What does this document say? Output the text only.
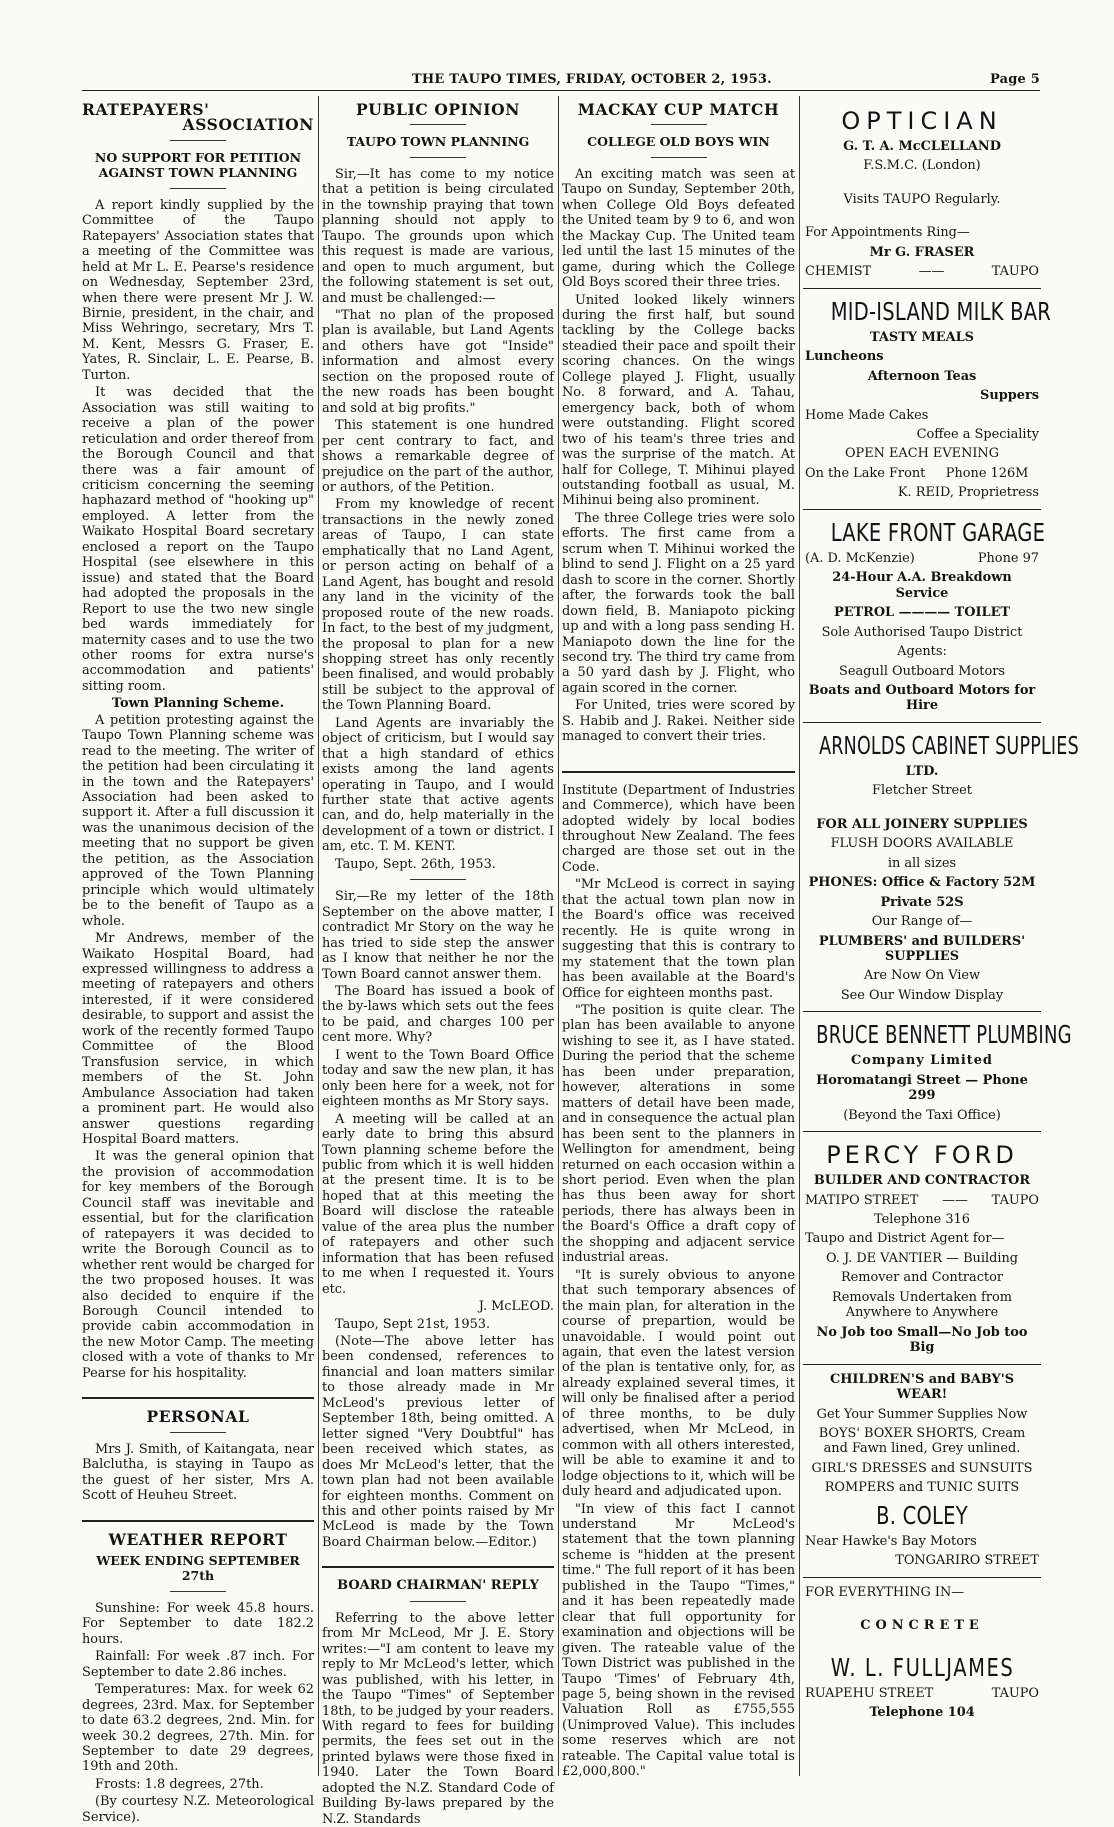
THE TAUPO TIMES, FRIDAY, OCTOBER 2, 1953.	Page 5
RATEPAYERS'
ASSOCIATION
NO SUPPORT FOR PETITION AGAINST TOWN PLANNING

A report kindly supplied by the Committee of the Taupo Ratepayers' Association states that a meeting of the Committee was held at Mr L. E. Pearse's residence on Wednesday, September 23rd, when there were present Mr J. W. Birnie, president, in the chair, and Miss Wehringo, secretary, Mrs T. M. Kent, Messrs G. Fraser, E. Yates, R. Sinclair, L. E. Pearse, B. Turton.

It was decided that the Association was still waiting to receive a plan of the power reticulation and order thereof from the Borough Council and that there was a fair amount of criticism concerning the seeming haphazard method of "hooking up" employed. A letter from the Waikato Hospital Board secretary enclosed a report on the Taupo Hospital (see elsewhere in this issue) and stated that the Board had adopted the proposals in the Report to use the two new single bed wards immediately for maternity cases and to use the two other rooms for extra nurse's accommodation and patients' sitting room.

Town Planning Scheme.

A petition protesting against the Taupo Town Planning scheme was read to the meeting. The writer of the petition had been circulating it in the town and the Ratepayers' Association had been asked to support it. After a full discussion it was the unanimous decision of the meeting that no support be given the petition, as the Association approved of the Town Planning principle which would ultimately be to the benefit of Taupo as a whole.

Mr Andrews, member of the Waikato Hospital Board, had expressed willingness to address a meeting of ratepayers and others interested, if it were considered desirable, to support and assist the work of the recently formed Taupo Committee of the Blood Transfusion service, in which members of the St. John Ambulance Association had taken a prominent part. He would also answer questions regarding Hospital Board matters.

It was the general opinion that the provision of accommodation for key members of the Borough Council staff was inevitable and essential, but for the clarification of ratepayers it was decided to write the Borough Council as to whether rent would be charged for the two proposed houses. It was also decided to enquire if the Borough Council intended to provide cabin accommodation in the new Motor Camp. The meeting closed with a vote of thanks to Mr Pearse for his hospitality.

PERSONAL

Mrs J. Smith, of Kaitangata, near Balclutha, is staying in Taupo as the guest of her sister, Mrs A. Scott of Heuheu Street.

WEATHER REPORT
WEEK ENDING SEPTEMBER 27th

Sunshine: For week 45.8 hours. For September to date 182.2 hours.

Rainfall: For week .87 inch. For September to date 2.86 inches.

Temperatures: Max. for week 62 degrees, 23rd. Max. for September to date 63.2 degrees, 2nd. Min. for week 30.2 degrees, 27th. Min. for September to date 29 degrees, 19th and 20th.

Frosts: 1.8 degrees, 27th.

(By courtesy N.Z. Meteorological Service).

PUBLIC OPINION
TAUPO TOWN PLANNING

Sir,—It has come to my notice that a petition is being circulated in the township praying that town planning should not apply to Taupo. The grounds upon which this request is made are various, and open to much argument, but the following statement is set out, and must be challenged:—

"That no plan of the proposed plan is available, but Land Agents and others have got "Inside" information and almost every section on the proposed route of the new roads has been bought and sold at big profits."

This statement is one hundred per cent contrary to fact, and shows a remarkable degree of prejudice on the part of the author, or authors, of the Petition.

From my knowledge of recent transactions in the newly zoned areas of Taupo, I can state emphatically that no Land Agent, or person acting on behalf of a Land Agent, has bought and resold any land in the vicinity of the proposed route of the new roads. In fact, to the best of my judgment, the proposal to plan for a new shopping street has only recently been finalised, and would probably still be subject to the approval of the Town Planning Board.

Land Agents are invariably the object of criticism, but I would say that a high standard of ethics exists among the land agents operating in Taupo, and I would further state that active agents can, and do, help materially in the development of a town or district. I am, etc. T. M. KENT.

Taupo, Sept. 26th, 1953.

Sir,—Re my letter of the 18th September on the above matter, I contradict Mr Story on the way he has tried to side step the answer as I know that neither he nor the Town Board cannot answer them.

The Board has issued a book of the by-laws which sets out the fees to be paid, and charges 100 per cent more. Why?

I went to the Town Board Office today and saw the new plan, it has only been here for a week, not for eighteen months as Mr Story says.

A meeting will be called at an early date to bring this absurd Town planning scheme before the public from which it is well hidden at the present time. It is to be hoped that at this meeting the Board will disclose the rateable value of the area plus the number of ratepayers and other such information that has been refused to me when I requested it. Yours etc.

J. McLEOD.

Taupo, Sept 21st, 1953.

(Note—The above letter has been condensed, references to financial and loan matters similar to those already made in Mr McLeod's previous letter of September 18th, being omitted. A letter signed "Very Doubtful" has been received which states, as does Mr McLeod's letter, that the town plan had not been available for eighteen months. Comment on this and other points raised by Mr McLeod is made by the Town Board Chairman below.—Editor.)

BOARD CHAIRMAN' REPLY

Referring to the above letter from Mr McLeod, Mr J. E. Story writes:—"I am content to leave my reply to Mr McLeod's letter, which was published, with his letter, in the Taupo "Times" of September 18th, to be judged by your readers. With regard to fees for building permits, the fees set out in the printed bylaws were those fixed in 1940. Later the Town Board adopted the N.Z. Standard Code of Building By-laws prepared by the N.Z. Standards

MACKAY CUP MATCH
COLLEGE OLD BOYS WIN

An exciting match was seen at Taupo on Sunday, September 20th, when College Old Boys defeated the United team by 9 to 6, and won the Mackay Cup. The United team led until the last 15 minutes of the game, during which the College Old Boys scored their three tries.

United looked likely winners during the first half, but sound tackling by the College backs steadied their pace and spoilt their scoring chances. On the wings College played J. Flight, usually No. 8 forward, and A. Tahau, emergency back, both of whom were outstanding. Flight scored two of his team's three tries and was the surprise of the match. At half for College, T. Mihinui played outstanding football as usual, M. Mihinui being also prominent.

The three College tries were solo efforts. The first came from a scrum when T. Mihinui worked the blind to send J. Flight on a 25 yard dash to score in the corner. Shortly after, the forwards took the ball down field, B. Maniapoto picking up and with a long pass sending H. Maniapoto down the line for the second try. The third try came from a 50 yard dash by J. Flight, who again scored in the corner.

For United, tries were scored by S. Habib and J. Rakei. Neither side managed to convert their tries.

Institute (Department of Industries and Commerce), which have been adopted widely by local bodies throughout New Zealand. The fees charged are those set out in the Code.

"Mr McLeod is correct in saying that the actual town plan now in the Board's office was received recently. He is quite wrong in suggesting that this is contrary to my statement that the town plan has been available at the Board's Office for eighteen months past.

"The position is quite clear. The plan has been available to anyone wishing to see it, as I have stated. During the period that the scheme has been under preparation, however, alterations in some matters of detail have been made, and in consequence the actual plan has been sent to the planners in Wellington for amendment, being returned on each occasion within a short period. Even when the plan has thus been away for short periods, there has always been in the Board's Office a draft copy of the shopping and adjacent service industrial areas.

"It is surely obvious to anyone that such temporary absences of the main plan, for alteration in the course of prepartion, would be unavoidable. I would point out again, that even the latest version of the plan is tentative only, for, as already explained several times, it will only be finalised after a period of three months, to be duly advertised, when Mr McLeod, in common with all others interested, will be able to examine it and to lodge objections to it, which will be duly heard and adjudicated upon.

"In view of this fact I cannot understand Mr McLeod's statement that the town planning scheme is "hidden at the present time." The full report of it has been published in the Taupo "Times," and it has been repeatedly made clear that full opportunity for examination and objections will be given. The rateable value of the Town District was published in the Taupo 'Times' of February 4th, page 5, being shown in the revised Valuation Roll as £755,555 (Unimproved Value). This includes some reserves which are not rateable. The Capital value total is £2,000,800."

OPTICIAN
G. T. A. McCLELLAND
F.S.M.C. (London)
Visits TAUPO Regularly.
For Appointments Ring—
Mr G. FRASER
CHEMIST	——	TAUPO
MID-ISLAND MILK BAR
TASTY MEALS
Luncheons
Afternoon Teas
Suppers
Home Made Cakes
Coffee a Speciality
OPEN EACH EVENING
On the Lake Front     Phone 126M
K. REID, Proprietress
LAKE FRONT GARAGE
(A. D. McKenzie)	Phone 97
24-Hour A.A. Breakdown Service
PETROL ———— TOILET
Sole Authorised Taupo District
Agents:
Seagull Outboard Motors
Boats and Outboard Motors for Hire
ARNOLDS CABINET SUPPLIES
LTD.
Fletcher Street
FOR ALL JOINERY SUPPLIES
FLUSH DOORS AVAILABLE
in all sizes
PHONES: Office & Factory 52M
Private 52S
Our Range of—
PLUMBERS' and BUILDERS' SUPPLIES
Are Now On View
See Our Window Display
BRUCE BENNETT PLUMBING
Company Limited
Horomatangi Street — Phone 299
(Beyond the Taxi Office)
PERCY FORD
BUILDER AND CONTRACTOR
MATIPO STREET —— TAUPO
Telephone 316
Taupo and District Agent for—
O. J. DE VANTIER — Building
Remover and Contractor
Removals Undertaken from Anywhere to Anywhere
No Job too Small—No Job too Big
CHILDREN'S and BABY'S WEAR!
Get Your Summer Supplies Now
BOYS' BOXER SHORTS, Cream and Fawn lined, Grey unlined.
GIRL'S DRESSES and SUNSUITS
ROMPERS and TUNIC SUITS
B. COLEY
Near Hawke's Bay Motors
TONGARIRO STREET
FOR EVERYTHING IN—
CONCRETE
W. L. FULLJAMES
RUAPEHU STREET	TAUPO
Telephone 104
